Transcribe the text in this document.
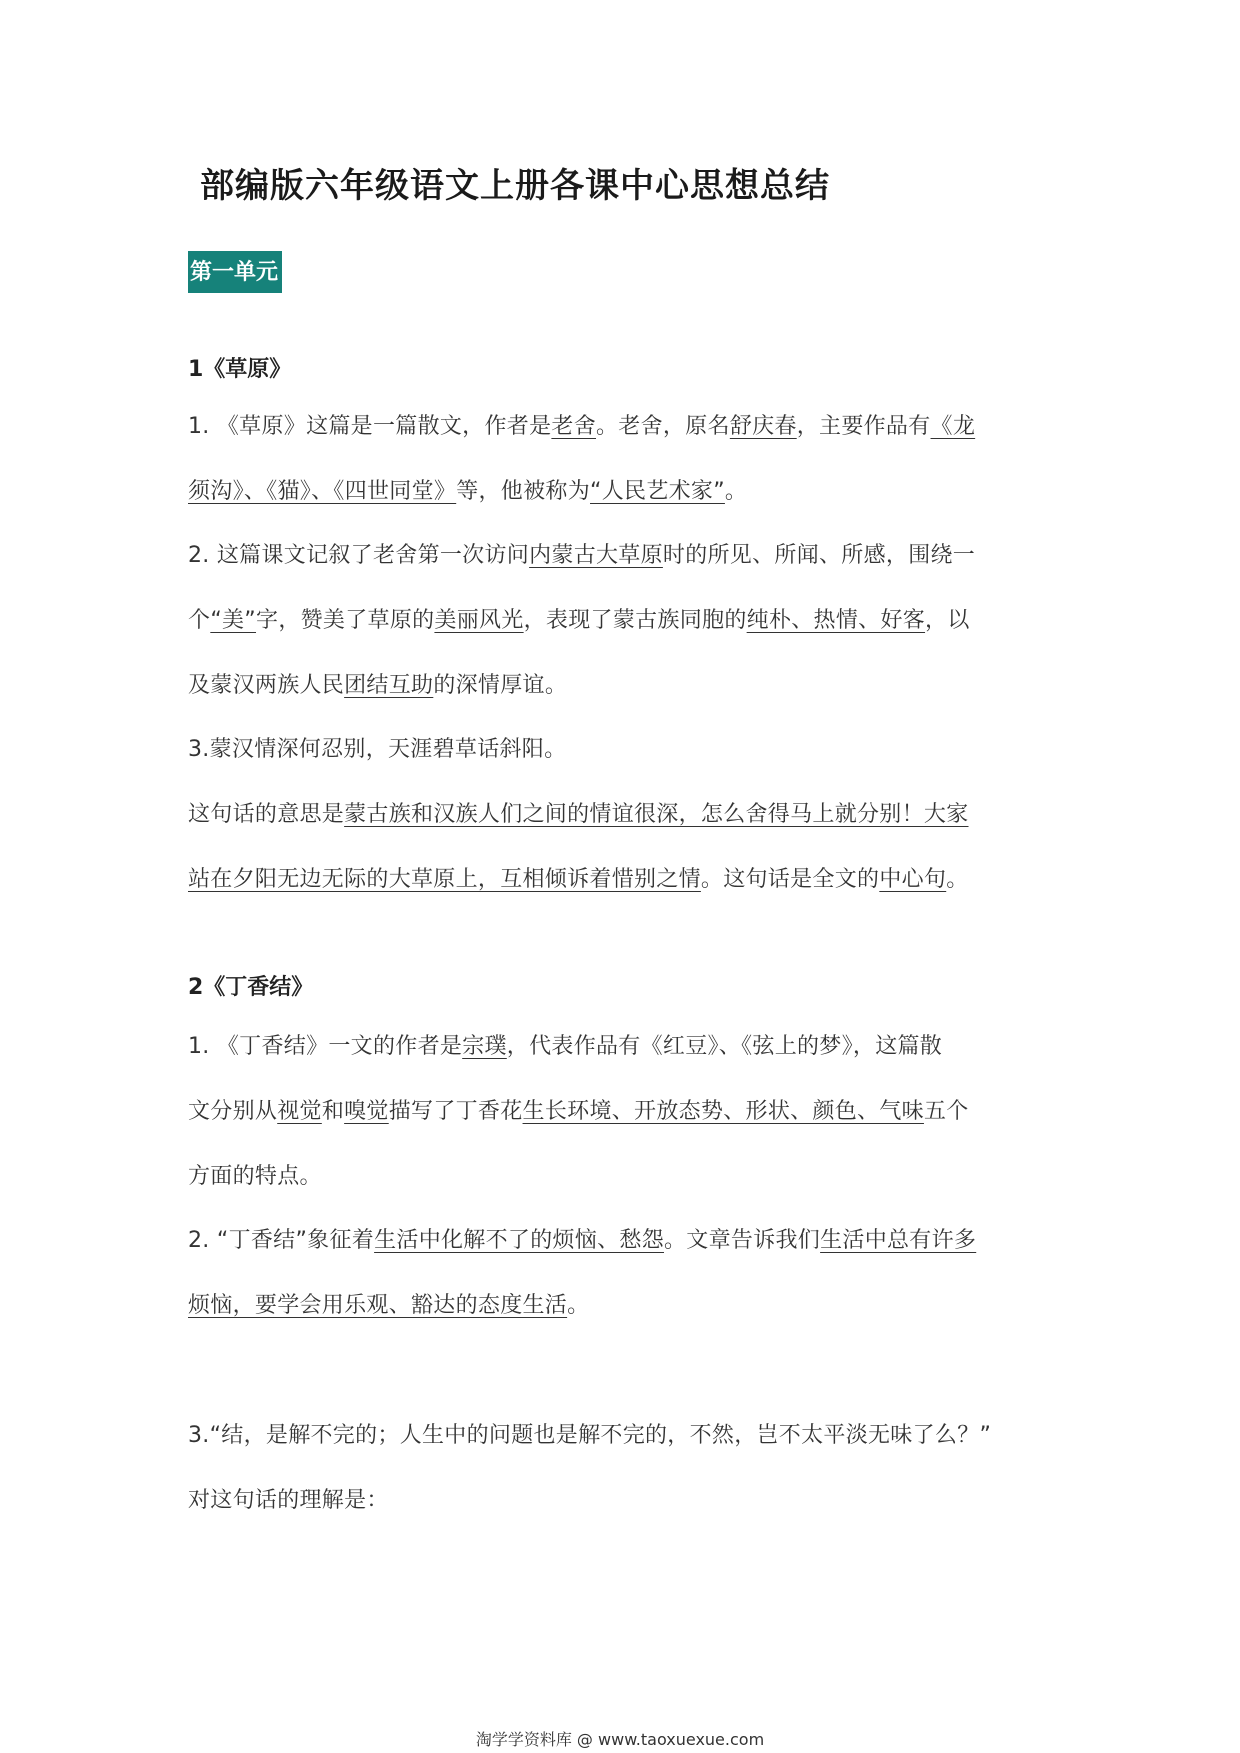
部编版六年级语文上册各课中心思想总结
第一单元
1《草原》
1. 《草原》这篇是一篇散文，作者是老舍。老舍，原名舒庆春，主要作品有《龙
须沟》、《猫》、《四世同堂》等，他被称为“人民艺术家”。
2. 这篇课文记叙了老舍第一次访问内蒙古大草原时的所见、所闻、所感，围绕一
个“美”字，赞美了草原的美丽风光，表现了蒙古族同胞的纯朴、热情、好客，以
及蒙汉两族人民团结互助的深情厚谊。
3.蒙汉情深何忍别，天涯碧草话斜阳。
这句话的意思是蒙古族和汉族人们之间的情谊很深，怎么舍得马上就分别！大家
站在夕阳无边无际的大草原上，互相倾诉着惜别之情。这句话是全文的中心句。
2《丁香结》
1. 《丁香结》一文的作者是宗璞，代表作品有《红豆》、《弦上的梦》，这篇散
文分别从视觉和嗅觉描写了丁香花生长环境、开放态势、形状、颜色、气味五个
方面的特点。
2. “丁香结”象征着生活中化解不了的烦恼、愁怨。文章告诉我们生活中总有许多
烦恼，要学会用乐观、豁达的态度生活。
3.“结，是解不完的；人生中的问题也是解不完的，不然，岂不太平淡无味了么？”
对这句话的理解是：
淘学学资料库 @ www.taoxuexue.com
